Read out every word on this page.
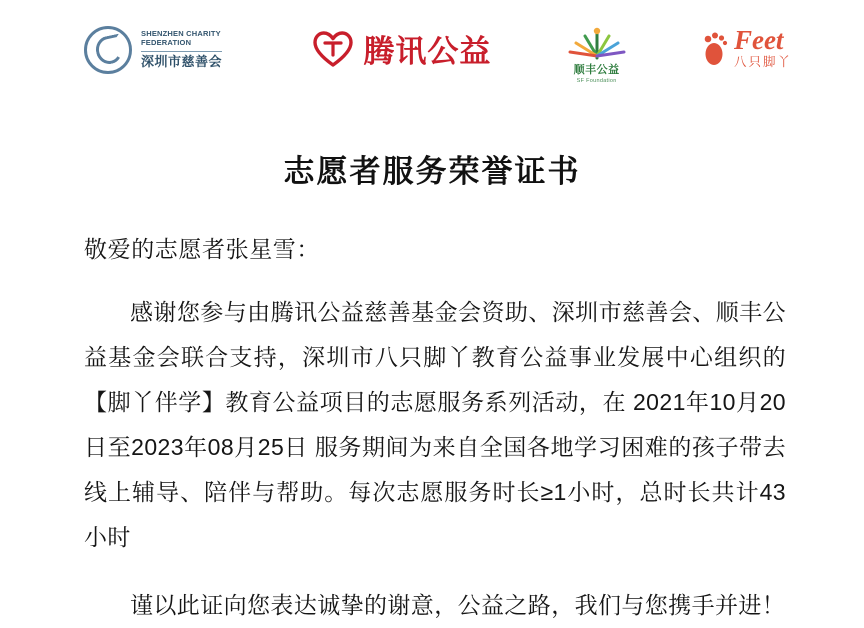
SHENZHEN CHARITY
FEDERATION
深圳市慈善会	腾讯公益
顺丰公益
SF Foundation
Feet
八只脚丫
志愿者服务荣誉证书
敬爱的志愿者张星雪：

感谢您参与由腾讯公益慈善基金会资助、深圳市慈善会、顺丰公益基金会联合支持，深圳市八只脚丫教育公益事业发展中心组织的【脚丫伴学】教育公益项目的志愿服务系列活动，在 2021年10月20日至2023年08月25日 服务期间为来自全国各地学习困难的孩子带去线上辅导、陪伴与帮助。每次志愿服务时长≥1小时，总时长共计43小时

谨以此证向您表达诚挚的谢意，公益之路，我们与您携手并进！
